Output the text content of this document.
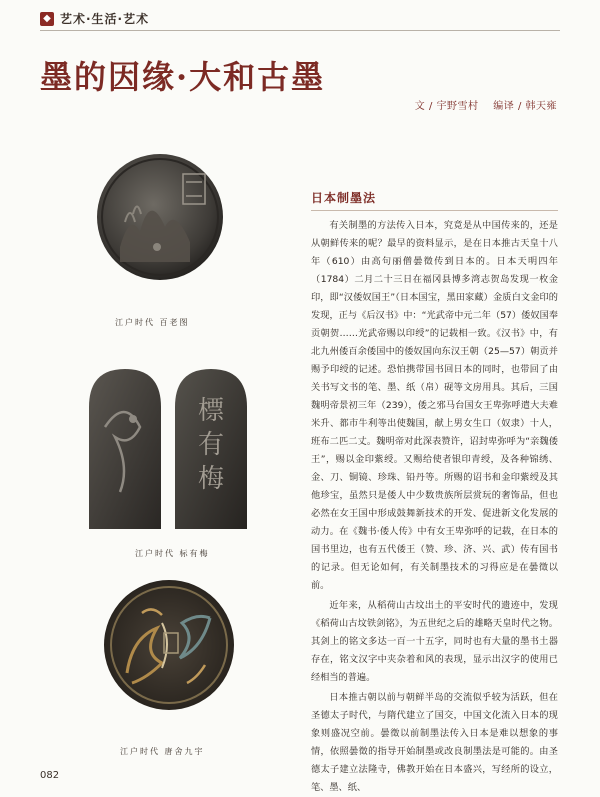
◆ 艺术·生活·艺术
墨的因缘·大和古墨
文 / 宇野雪村 编译 / 韩天雍
江户时代 百老图
標
有
梅
江户时代 标有梅
江户时代 唐舍九宇
日本制墨法

有关制墨的方法传入日本，究竟是从中国传来的，还是从朝鲜传来的呢？最早的资料显示，是在日本推古天皇十八年（610）由高句丽僧曇徵传到日本的。日本天明四年（1784）二月二十三日在福冈县博多湾志贺岛发现一枚金印，即“汉倭奴国王”（日本国宝，黑田家藏）金质白文金印的发现，正与《后汉书》中：“光武帝中元二年（57）倭奴国奉贡朝贺……光武帝赐以印绶”的记载相一致。《汉书》中，有北九州倭百余倭国中的倭奴国向东汉王朝（25—57）朝贡并赐予印绶的记述。恐怕携带国书回日本的同时，也带回了由关书写文书的笔、墨、纸（帛）砚等文房用具。其后，三国魏明帝景初三年（239），倭之邪马台国女王卑弥呼遣大夫难米升、都市牛利等出使魏国，献上男女生口（奴隶）十人，班布二匹二丈。魏明帝对此深表赞许，诏封卑弥呼为“亲魏倭王”，赐以金印紫绶。又赐给使者银印青绶，及各种锦绣、金、刀、铜镜、珍珠、铅丹等。所赐的诏书和金印紫绶及其他珍宝，虽然只是倭人中少数贵族所层赏玩的奢饰品，但也必然在女王国中形成鼓舞新技术的开发、促进新文化发展的动力。在《魏书·倭人传》中有女王卑弥呼的记载，在日本的国书里边，也有五代倭王（赞、珍、济、兴、武）传有国书的记录。但无论如何，有关制墨技术的习得应是在曇徵以前。

近年来，从稻荷山古坟出土的平安时代的遗迹中，发现《稻荷山古坟铁剑铭》，为五世纪之后的雄略天皇时代之物。其剑上的铭文多达一百一十五字，同时也有大量的墨书土器存在，铭文汉字中夹杂着和风的表现，显示出汉字的使用已经相当的普遍。

日本推古朝以前与朝鲜半岛的交流似乎较为活跃，但在圣德太子时代，与隋代建立了国交，中国文化流入日本的现象则盛况空前。曇徵以前制墨法传入日本是难以想象的事情，依照曇徵的指导开始制墨或改良制墨法是可能的。由圣德太子建立法隆寺，佛教开始在日本盛兴，写经所的设立，笔、墨、纸、

082
